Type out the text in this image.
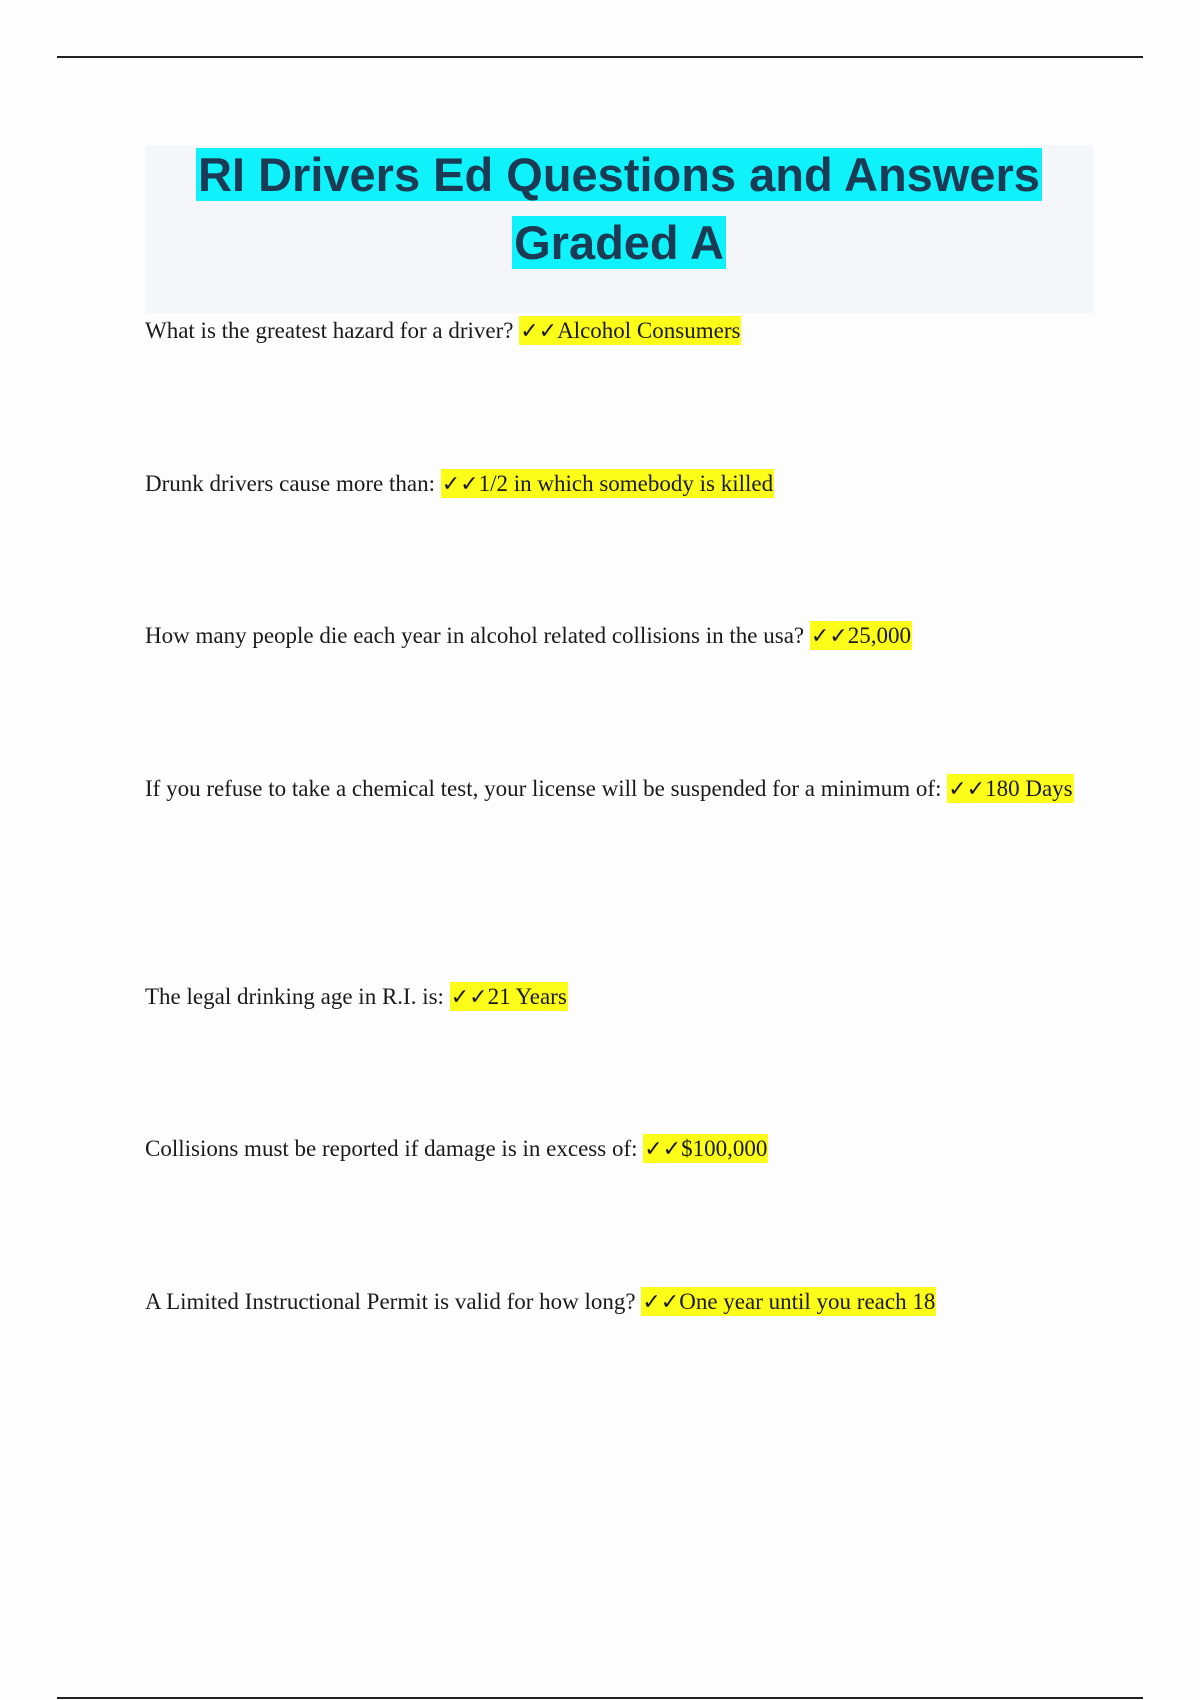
RI Drivers Ed Questions and Answers
Graded A
What is the greatest hazard for a driver? ✓✓Alcohol Consumers
Drunk drivers cause more than: ✓✓1/2 in which somebody is killed
How many people die each year in alcohol related collisions in the usa? ✓✓25,000
If you refuse to take a chemical test, your license will be suspended for a minimum of: ✓✓180 Days
The legal drinking age in R.I. is: ✓✓21 Years
Collisions must be reported if damage is in excess of: ✓✓$100,000
A Limited Instructional Permit is valid for how long? ✓✓One year until you reach 18
